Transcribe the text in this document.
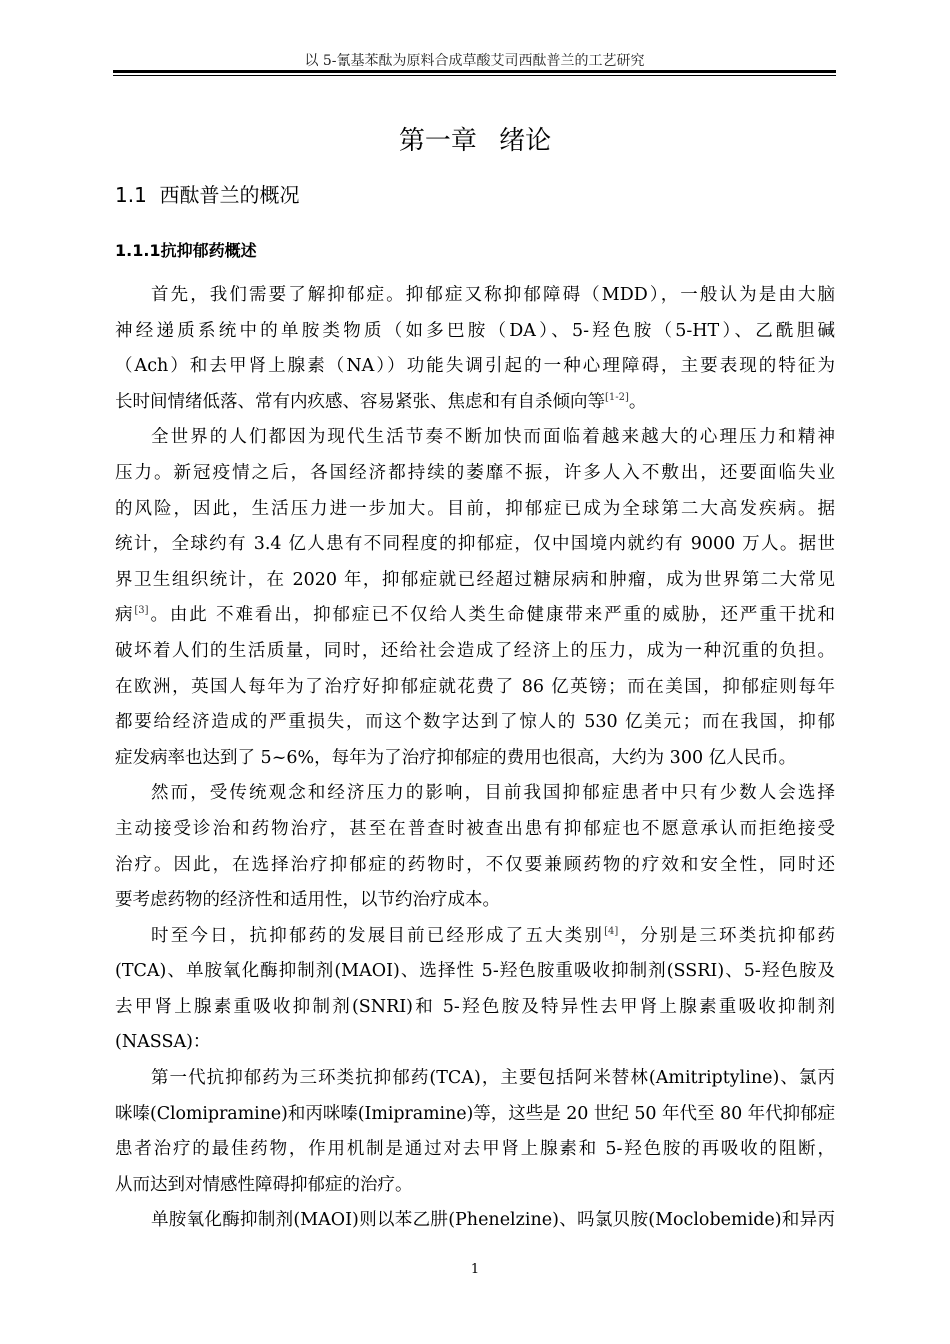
以 5-氰基苯酞为原料合成草酸艾司西酞普兰的工艺研究
第一章 绪论
1.1 西酞普兰的概况
1.1.1抗抑郁药概述
首先，我们需要了解抑郁症。抑郁症又称抑郁障碍（MDD），一般认为是由大脑
神经递质系统中的单胺类物质（如多巴胺（DA）、5-羟色胺（5-HT）、乙酰胆碱
（Ach）和去甲肾上腺素（NA））功能失调引起的一种心理障碍，主要表现的特征为
长时间情绪低落、常有内疚感、容易紧张、焦虑和有自杀倾向等[1-2]。
全世界的人们都因为现代生活节奏不断加快而面临着越来越大的心理压力和精神
压力。新冠疫情之后，各国经济都持续的萎靡不振，许多人入不敷出，还要面临失业
的风险，因此，生活压力进一步加大。目前，抑郁症已成为全球第二大高发疾病。据
统计，全球约有 3.4 亿人患有不同程度的抑郁症，仅中国境内就约有 9000 万人。据世
界卫生组织统计，在 2020 年，抑郁症就已经超过糖尿病和肿瘤，成为世界第二大常见
病[3]。由此 不难看出，抑郁症已不仅给人类生命健康带来严重的威胁，还严重干扰和
破坏着人们的生活质量，同时，还给社会造成了经济上的压力，成为一种沉重的负担。
在欧洲，英国人每年为了治疗好抑郁症就花费了 86 亿英镑；而在美国，抑郁症则每年
都要给经济造成的严重损失，而这个数字达到了惊人的 530 亿美元；而在我国，抑郁
症发病率也达到了 5~6%，每年为了治疗抑郁症的费用也很高，大约为 300 亿人民币。
然而，受传统观念和经济压力的影响，目前我国抑郁症患者中只有少数人会选择
主动接受诊治和药物治疗，甚至在普查时被查出患有抑郁症也不愿意承认而拒绝接受
治疗。因此，在选择治疗抑郁症的药物时，不仅要兼顾药物的疗效和安全性，同时还
要考虑药物的经济性和适用性，以节约治疗成本。
时至今日，抗抑郁药的发展目前已经形成了五大类别[4]，分别是三环类抗抑郁药
(TCA)、单胺氧化酶抑制剂(MAOI)、选择性 5-羟色胺重吸收抑制剂(SSRI)、5-羟色胺及
去甲肾上腺素重吸收抑制剂(SNRI)和 5-羟色胺及特异性去甲肾上腺素重吸收抑制剂
(NASSA)：
第一代抗抑郁药为三环类抗抑郁药(TCA)，主要包括阿米替林(Amitriptyline)、氯丙
咪嗪(Clomipramine)和丙咪嗪(Imipramine)等，这些是 20 世纪 50 年代至 80 年代抑郁症
患者治疗的最佳药物，作用机制是通过对去甲肾上腺素和 5-羟色胺的再吸收的阻断，
从而达到对情感性障碍抑郁症的治疗。
单胺氧化酶抑制剂(MAOI)则以苯乙肼(Phenelzine)、吗氯贝胺(Moclobemide)和异丙
1
